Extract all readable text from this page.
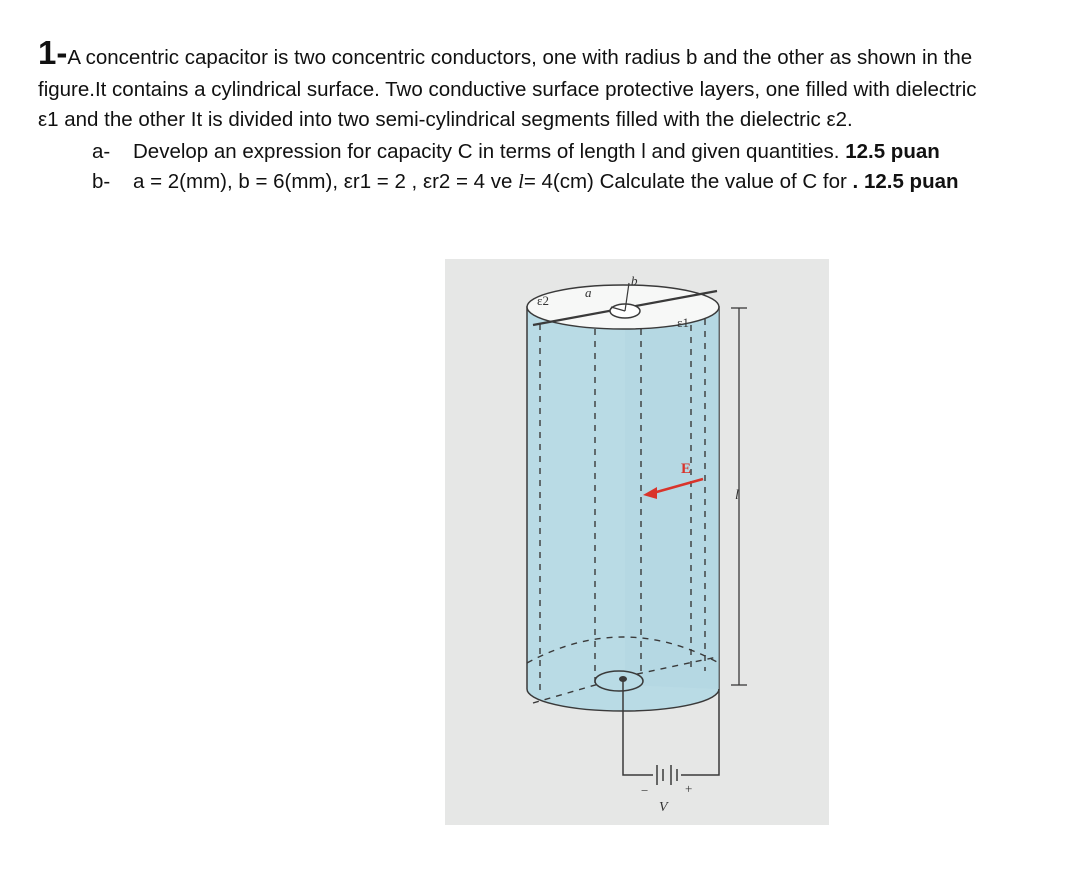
1-A concentric capacitor is two concentric conductors, one with radius b and the other as shown in the
figure.It contains a cylindrical surface. Two conductive surface protective layers, one filled with dielectric
ε1 and the other It is divided into two semi-cylindrical segments filled with the dielectric ε2.
a- Develop an expression for capacity C in terms of length l and given quantities. 12.5 puan
b- a = 2(mm), b = 6(mm), εr1 = 2 , εr2 = 4 ve l= 4(cm) Calculate the value of C for . 12.5 puan
ε2
a
b
ε1
E
l
−	+
V
